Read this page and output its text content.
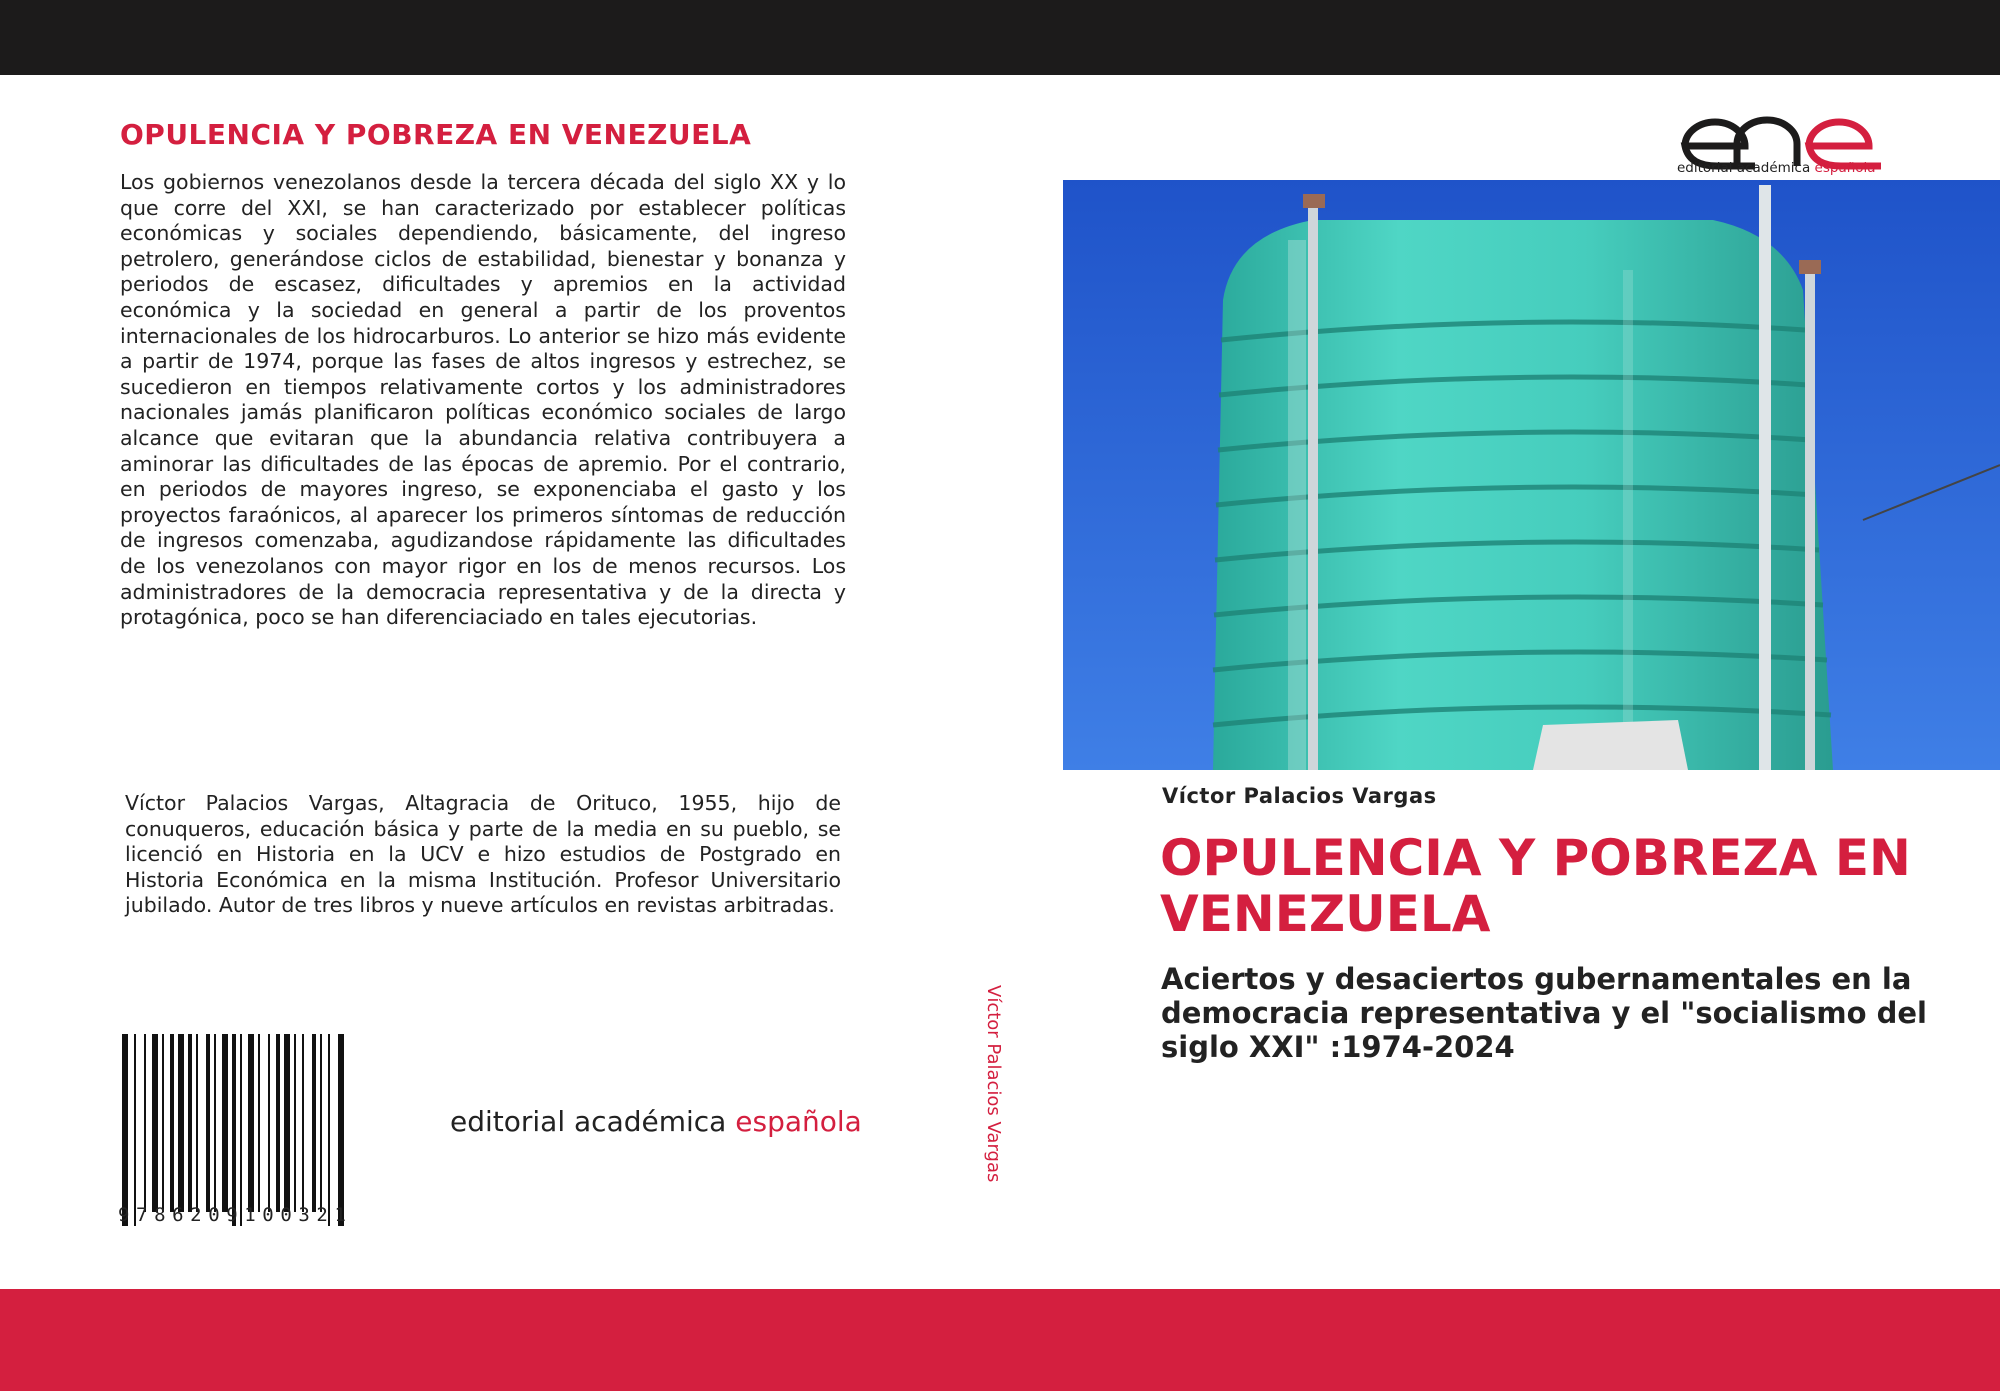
OPULENCIA Y POBREZA EN VENEZUELA

Los gobiernos venezolanos desde la tercera década del siglo XX y lo que corre del XXI, se han caracterizado por establecer políticas económicas y sociales dependiendo, básicamente, del ingreso petrolero, generándose ciclos de estabilidad, bienestar y bonanza y periodos de escasez, dificultades y apremios en la actividad económica y la sociedad en general a partir de los proventos internacionales de los hidrocarburos. Lo anterior se hizo más evidente a partir de 1974, porque las fases de altos ingresos y estrechez, se sucedieron en tiempos relativamente cortos y los administradores nacionales jamás planificaron políticas económico sociales de largo alcance que evitaran que la abundancia relativa contribuyera a aminorar las dificultades de las épocas de apremio. Por el contrario, en periodos de mayores ingreso, se exponenciaba el gasto y los proyectos faraónicos, al aparecer los primeros síntomas de reducción de ingresos comenzaba, agudizandose rápidamente las dificultades de los venezolanos con mayor rigor en los de menos recursos. Los administradores de la democracia representativa y de la directa y protagónica, poco se han diferenciaciado en tales ejecutorias.

Víctor Palacios Vargas, Altagracia de Orituco, 1955, hijo de conuqueros, educación básica y parte de la media en su pueblo, se licenció en Historia en la UCV e hizo estudios de Postgrado en Historia Económica en la misma Institución. Profesor Universitario jubilado. Autor de tres libros y nueve artículos en revistas arbitradas.

9786209100321
editorial académica española	Víctor Palacios Vargas
editorial académica española
Víctor Palacios Vargas
OPULENCIA Y POBREZA EN VENEZUELA

Aciertos y desaciertos gubernamentales en la democracia representativa y el "socialismo del siglo XXI" :1974-2024
